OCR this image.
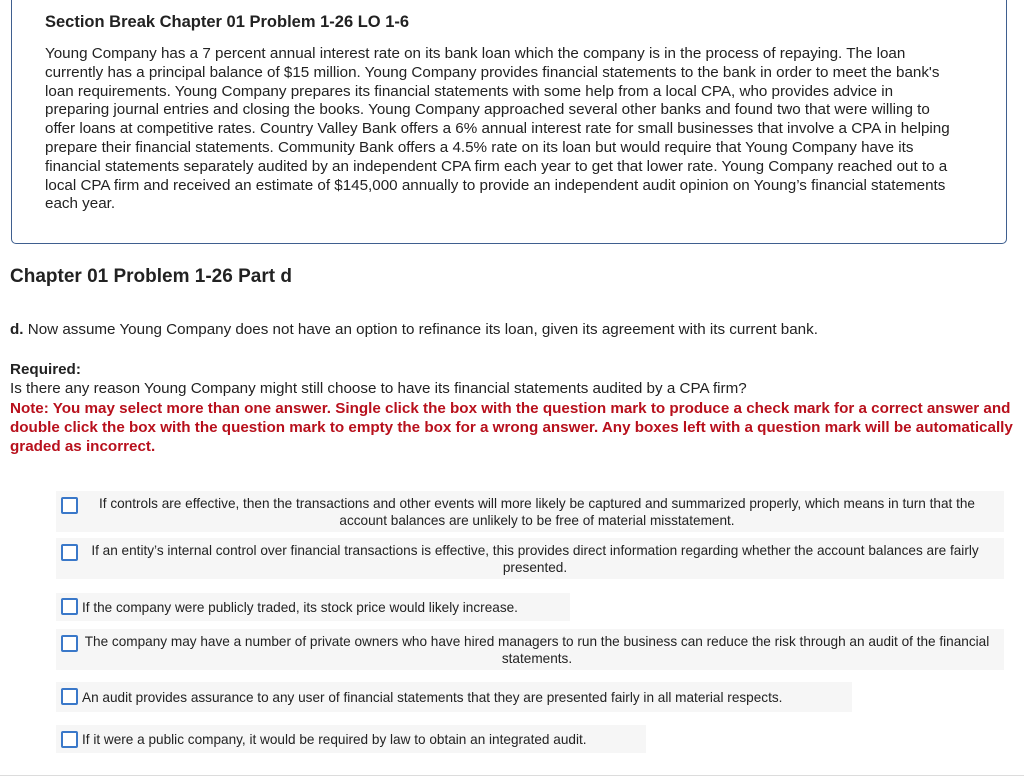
Section Break Chapter 01 Problem 1-26 LO 1-6
Young Company has a 7 percent annual interest rate on its bank loan which the company is in the process of repaying. The loan currently has a principal balance of $15 million. Young Company provides financial statements to the bank in order to meet the bank's loan requirements. Young Company prepares its financial statements with some help from a local CPA, who provides advice in preparing journal entries and closing the books. Young Company approached several other banks and found two that were willing to offer loans at competitive rates. Country Valley Bank offers a 6% annual interest rate for small businesses that involve a CPA in helping prepare their financial statements. Community Bank offers a 4.5% rate on its loan but would require that Young Company have its financial statements separately audited by an independent CPA firm each year to get that lower rate. Young Company reached out to a local CPA firm and received an estimate of $145,000 annually to provide an independent audit opinion on Young’s financial statements each year.
Chapter 01 Problem 1-26 Part d
d. Now assume Young Company does not have an option to refinance its loan, given its agreement with its current bank.
Required:
Is there any reason Young Company might still choose to have its financial statements audited by a CPA firm?
Note: You may select more than one answer. Single click the box with the question mark to produce a check mark for a correct answer and double click the box with the question mark to empty the box for a wrong answer. Any boxes left with a question mark will be automatically graded as incorrect.
If controls are effective, then the transactions and other events will more likely be captured and summarized properly, which means in turn that the account balances are unlikely to be free of material misstatement.
If an entity’s internal control over financial transactions is effective, this provides direct information regarding whether the account balances are fairly presented.
If the company were publicly traded, its stock price would likely increase.
The company may have a number of private owners who have hired managers to run the business can reduce the risk through an audit of the financial statements.
An audit provides assurance to any user of financial statements that they are presented fairly in all material respects.
If it were a public company, it would be required by law to obtain an integrated audit.
